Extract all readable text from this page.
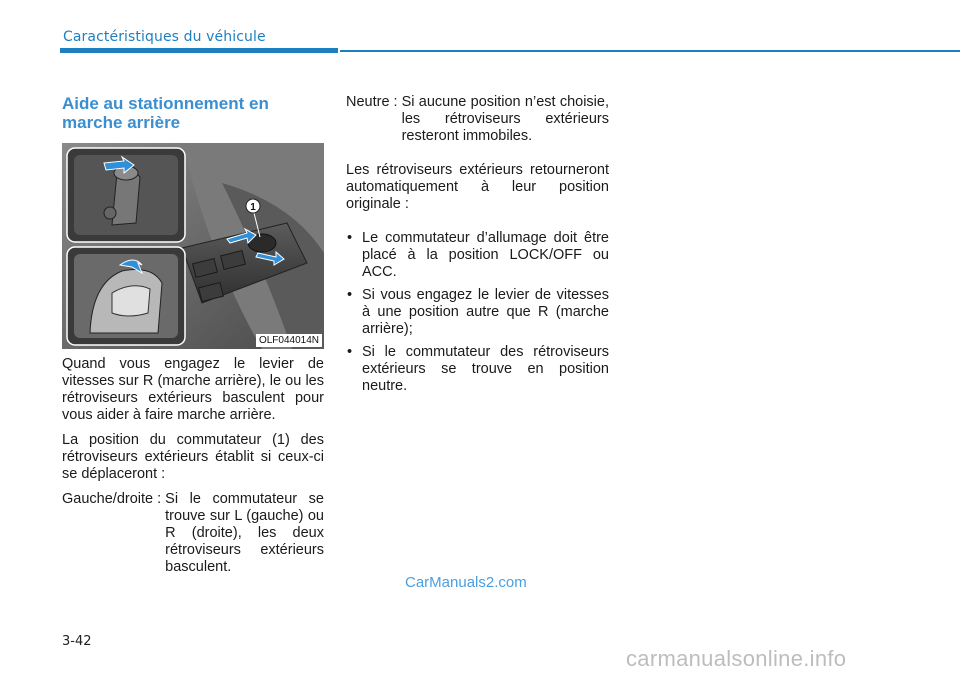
Caractéristiques du véhicule
Aide au stationnement en marche arrière
1
OLF044014N

Quand vous engagez le levier de vitesses sur R (marche arrière), le ou les rétroviseurs extérieurs basculent pour vous aider à faire marche arrière.

La position du commutateur (1) des rétroviseurs extérieurs établit si ceux-ci se déplaceront :

Gauche/droite : Si le commutateur se trouve sur L (gauche) ou R (droite), les deux rétroviseurs extérieurs basculent.
Neutre : Si aucune position n’est choisie, les rétroviseurs extérieurs resteront immobiles.

Les rétroviseurs extérieurs retourneront automatiquement à leur position originale :

• Le commutateur d’allumage doit être placé à la position LOCK/OFF ou ACC.
• Si vous engagez le levier de vitesses à une position autre que R (marche arrière);
• Si le commutateur des rétroviseurs extérieurs se trouve en position neutre.
CarManuals2.com
3-42
carmanualsonline.info
